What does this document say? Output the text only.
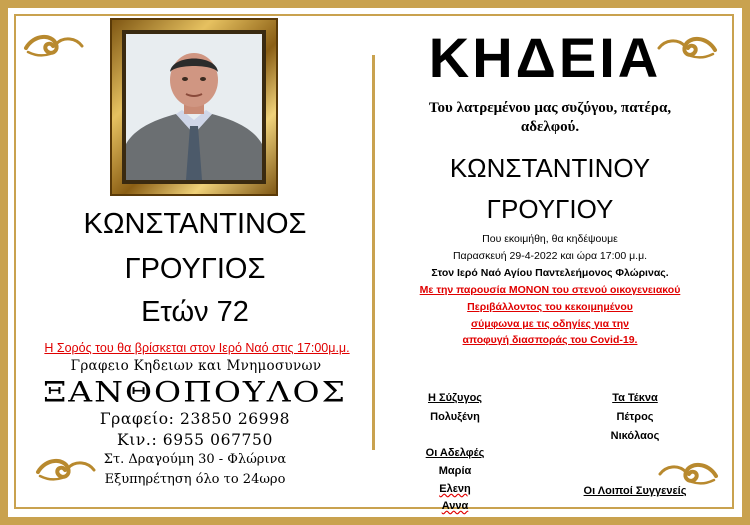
ΚΩΝΣΤΑΝΤΙΝΟΣ
ΓΡΟΥΓΙΟΣ
Ετών 72
Η Σορός του θα βρίσκεται στον Ιερό Ναό στις 17:00μ.μ.
Γραφειο Κηδειων και Μνημοσυνων
ΞΑΝΘΟΠΟΥΛΟΣ
Γραφείο: 23850 26998
Κιν.: 6955 067750
Στ. Δραγούμη 30 - Φλώρινα
Εξυπηρέτηση όλο το 24ωρο
ΚΗΔΕΙΑ
Του λατρεμένου μας συζύγου, πατέρα,
αδελφού.
ΚΩΝΣΤΑΝΤΙΝΟΥ
ΓΡΟΥΓΙΟΥ
Που εκοιμήθη, θα κηδέψουμε
Παρασκευή 29-4-2022 και ώρα 17:00 μ.μ.
Στον Ιερό Ναό Αγίου Παντελεήμονος Φλώρινας.
Με την παρουσία ΜΟΝΟΝ του στενού οικογενειακού
Περιβάλλοντος του κεκοιμημένου
σύμφωνα με τις οδηγίες για την
αποφυγή διασποράς του Covid-19.
Η Σύζυγος
Πολυξένη
Τα Τέκνα
Πέτρος
Νικόλαος
Οι Αδελφές
Μαρία
Ελενη
Αννα
Οι Λοιποί Συγγενείς
